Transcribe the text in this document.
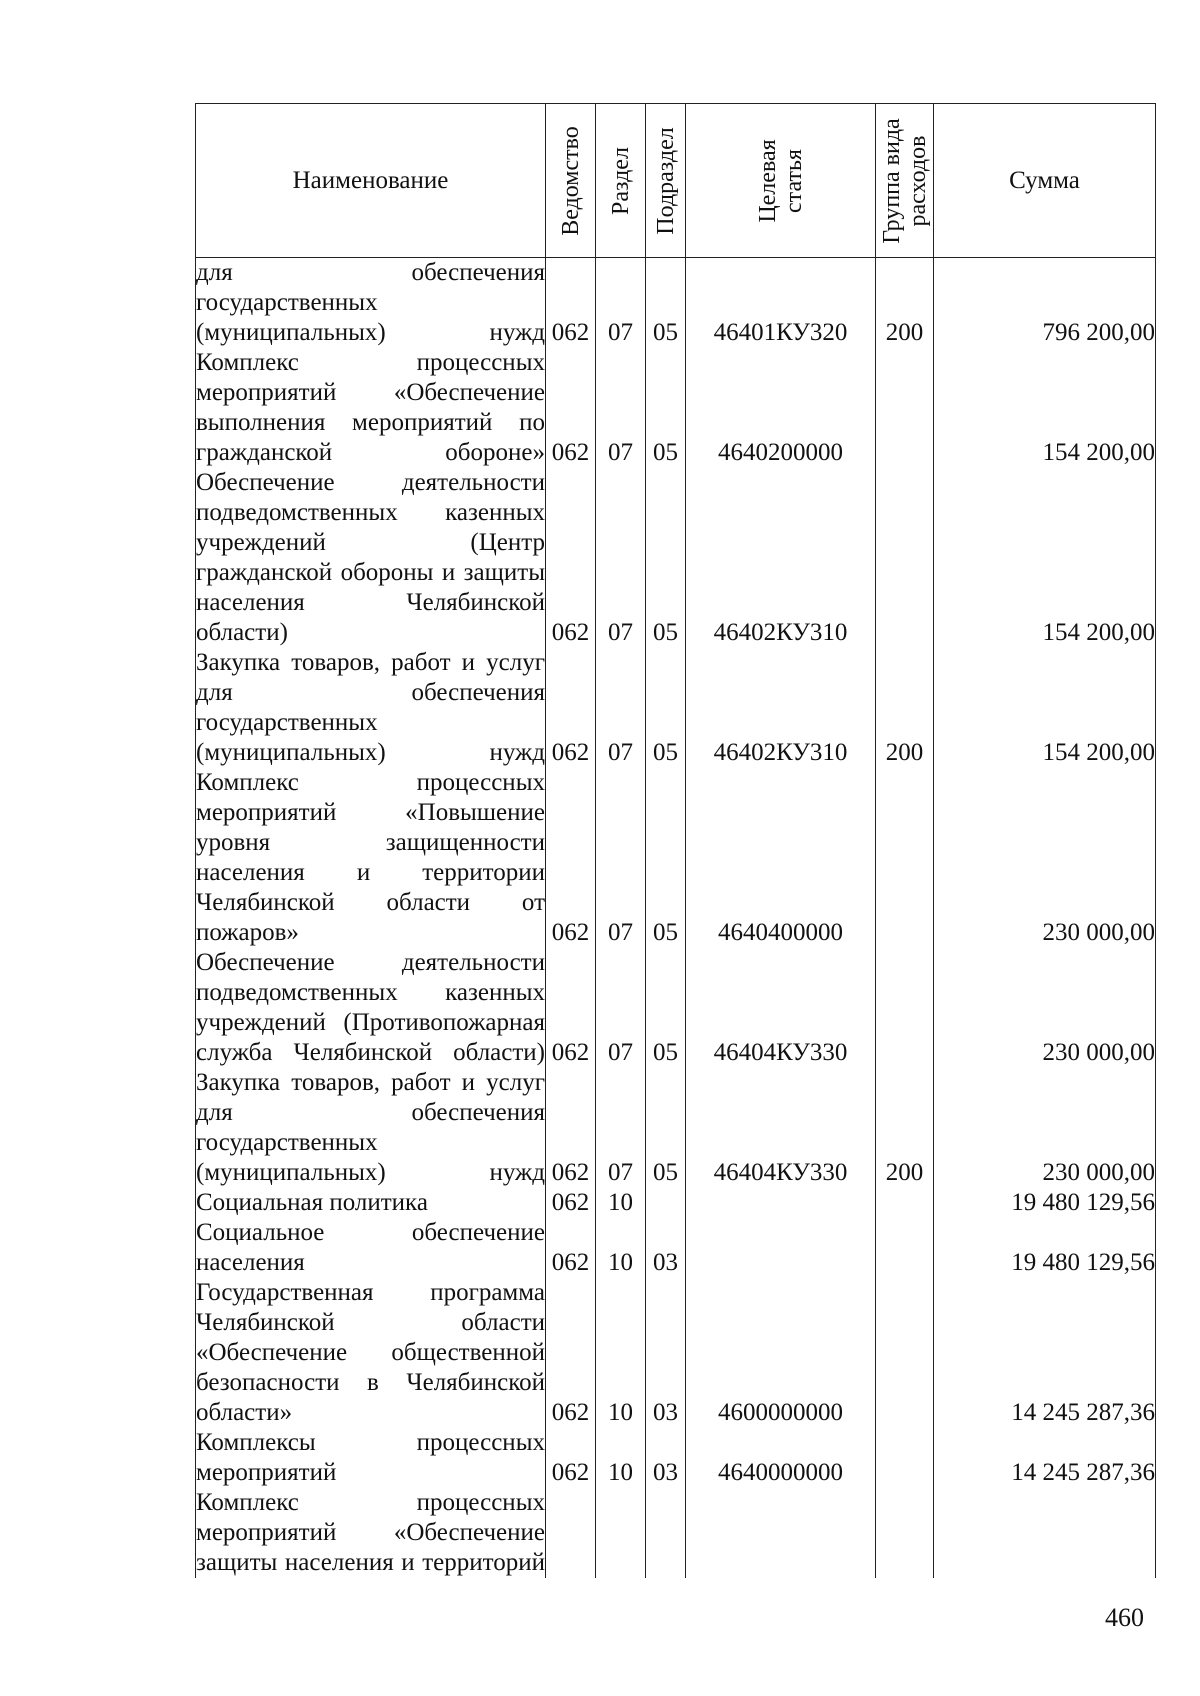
Наименование	Ведомство	Раздел	Подраздел	Целевая статья	Группа вида расходов	Сумма

для обеспечения государственных (муниципальных) нужд	062	07	05	46401КУ320	200	796 200,00
Комплекс процессных мероприятий «Обеспечение выполнения мероприятий по гражданской обороне»	062	07	05	4640200000		154 200,00
Обеспечение деятельности подведомственных казенных учреждений (Центр гражданской обороны и защиты населения Челябинской области)	062	07	05	46402КУ310		154 200,00
Закупка товаров, работ и услуг для обеспечения государственных (муниципальных) нужд	062	07	05	46402КУ310	200	154 200,00
Комплекс процессных мероприятий «Повышение уровня защищенности населения и территории Челябинской области от пожаров»	062	07	05	4640400000		230 000,00
Обеспечение деятельности подведомственных казенных учреждений (Противопожарная служба Челябинской области)	062	07	05	46404КУ330		230 000,00
Закупка товаров, работ и услуг для обеспечения государственных (муниципальных) нужд	062	07	05	46404КУ330	200	230 000,00
Социальная политика	062	10				19 480 129,56
Социальное обеспечение населения	062	10	03			19 480 129,56
Государственная программа Челябинской области «Обеспечение общественной безопасности в Челябинской области»	062	10	03	4600000000		14 245 287,36
Комплексы процессных мероприятий	062	10	03	4640000000		14 245 287,36
Комплекс процессных мероприятий «Обеспечение защиты населения и территорий						
460
